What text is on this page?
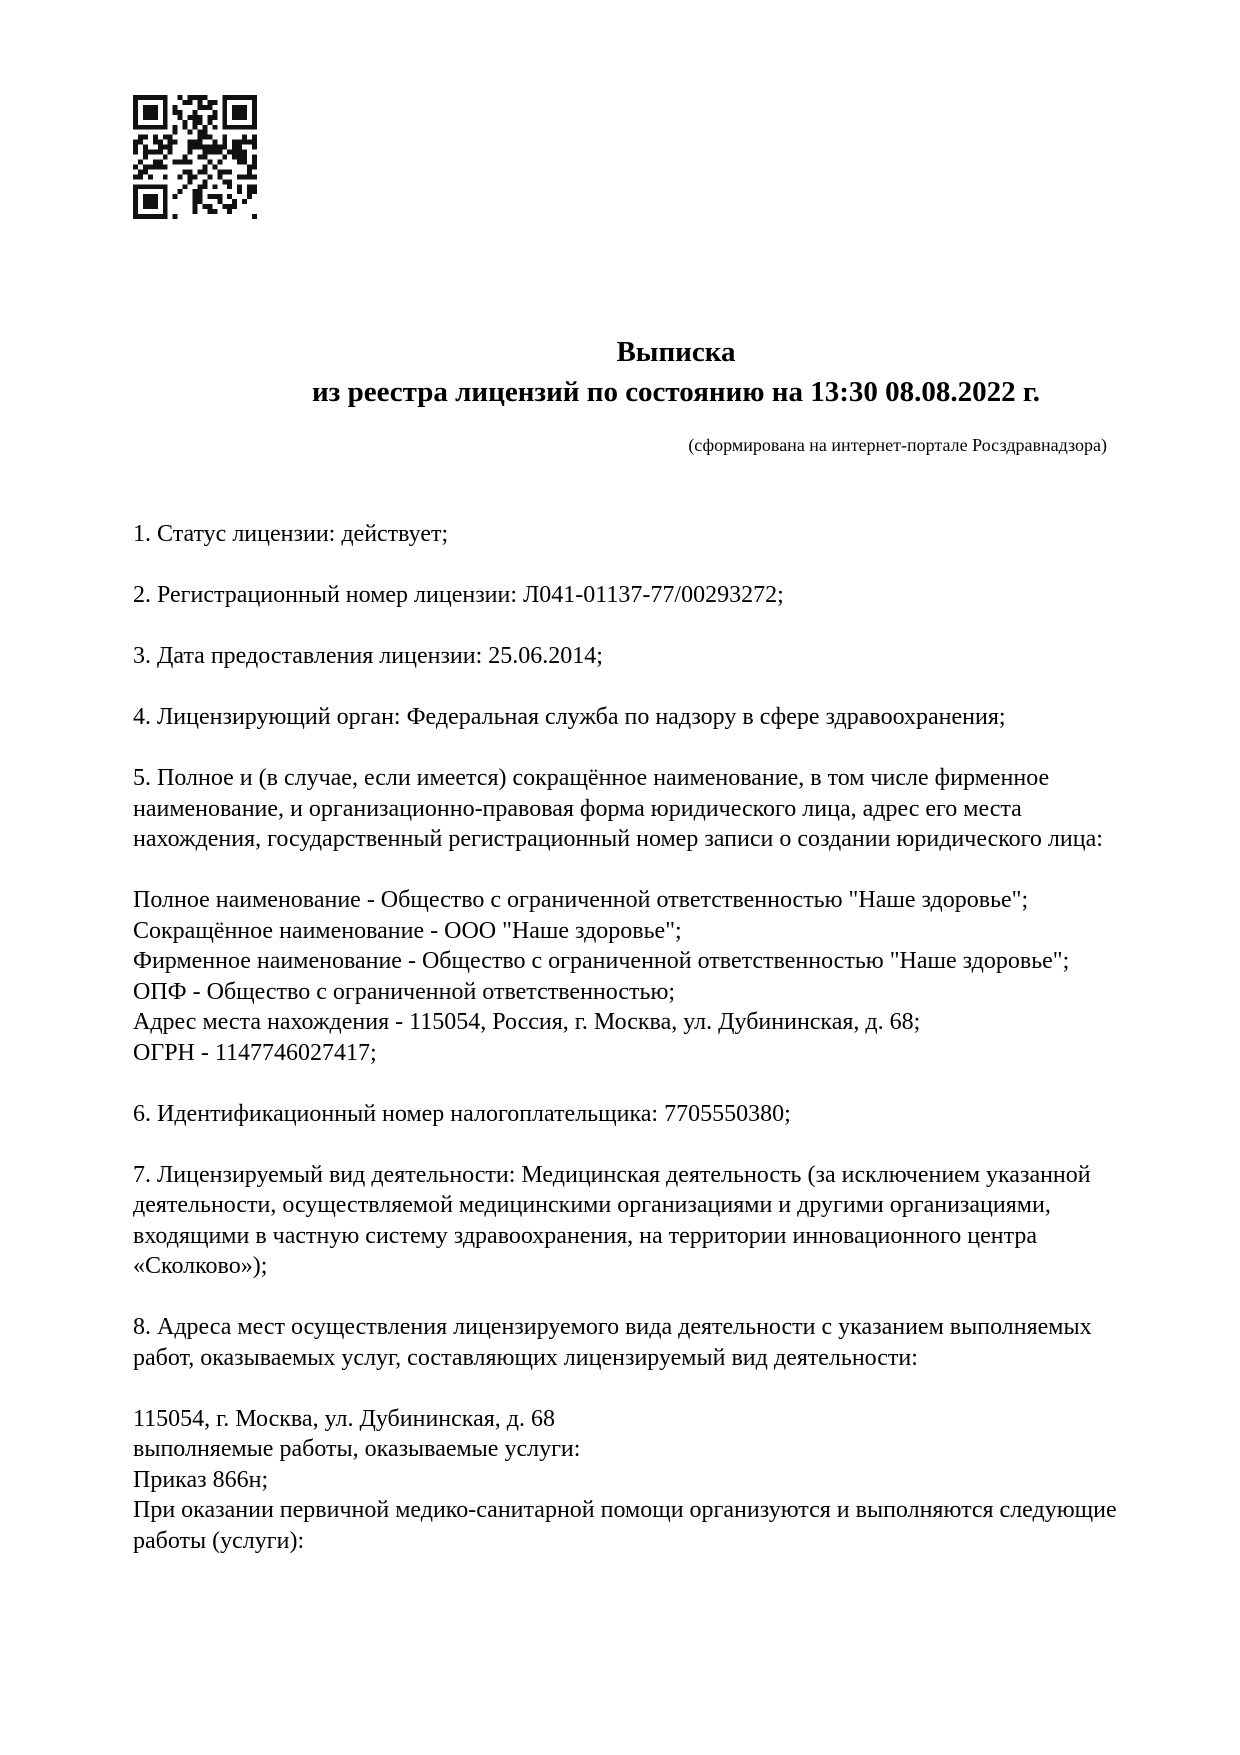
Выписка
из реестра лицензий по состоянию на 13:30 08.08.2022 г.
(сформирована на интернет-портале Росздравнадзора)
1. Статус лицензии: действует;
2. Регистрационный номер лицензии: Л041-01137-77/00293272;
3. Дата предоставления лицензии: 25.06.2014;
4. Лицензирующий орган: Федеральная служба по надзору в сфере здравоохранения;
5. Полное и (в случае, если имеется) сокращённое наименование, в том числе фирменное
наименование, и организационно-правовая форма юридического лица, адрес его места
нахождения, государственный регистрационный номер записи о создании юридического лица:
Полное наименование - Общество с ограниченной ответственностью "Наше здоровье";
Сокращённое наименование - ООО "Наше здоровье";
Фирменное наименование - Общество с ограниченной ответственностью "Наше здоровье";
ОПФ - Общество с ограниченной ответственностью;
Адрес места нахождения - 115054, Россия, г. Москва, ул. Дубининская, д. 68;
ОГРН - 1147746027417;
6. Идентификационный номер налогоплательщика: 7705550380;
7. Лицензируемый вид деятельности: Медицинская деятельность (за исключением указанной
деятельности, осуществляемой медицинскими организациями и другими организациями,
входящими в частную систему здравоохранения, на территории инновационного центра
«Сколково»);
8. Адреса мест осуществления лицензируемого вида деятельности с указанием выполняемых
работ, оказываемых услуг, составляющих лицензируемый вид деятельности:
115054, г. Москва, ул. Дубининская, д. 68
выполняемые работы, оказываемые услуги:
Приказ 866н;
При оказании первичной медико-санитарной помощи организуются и выполняются следующие
работы (услуги):
